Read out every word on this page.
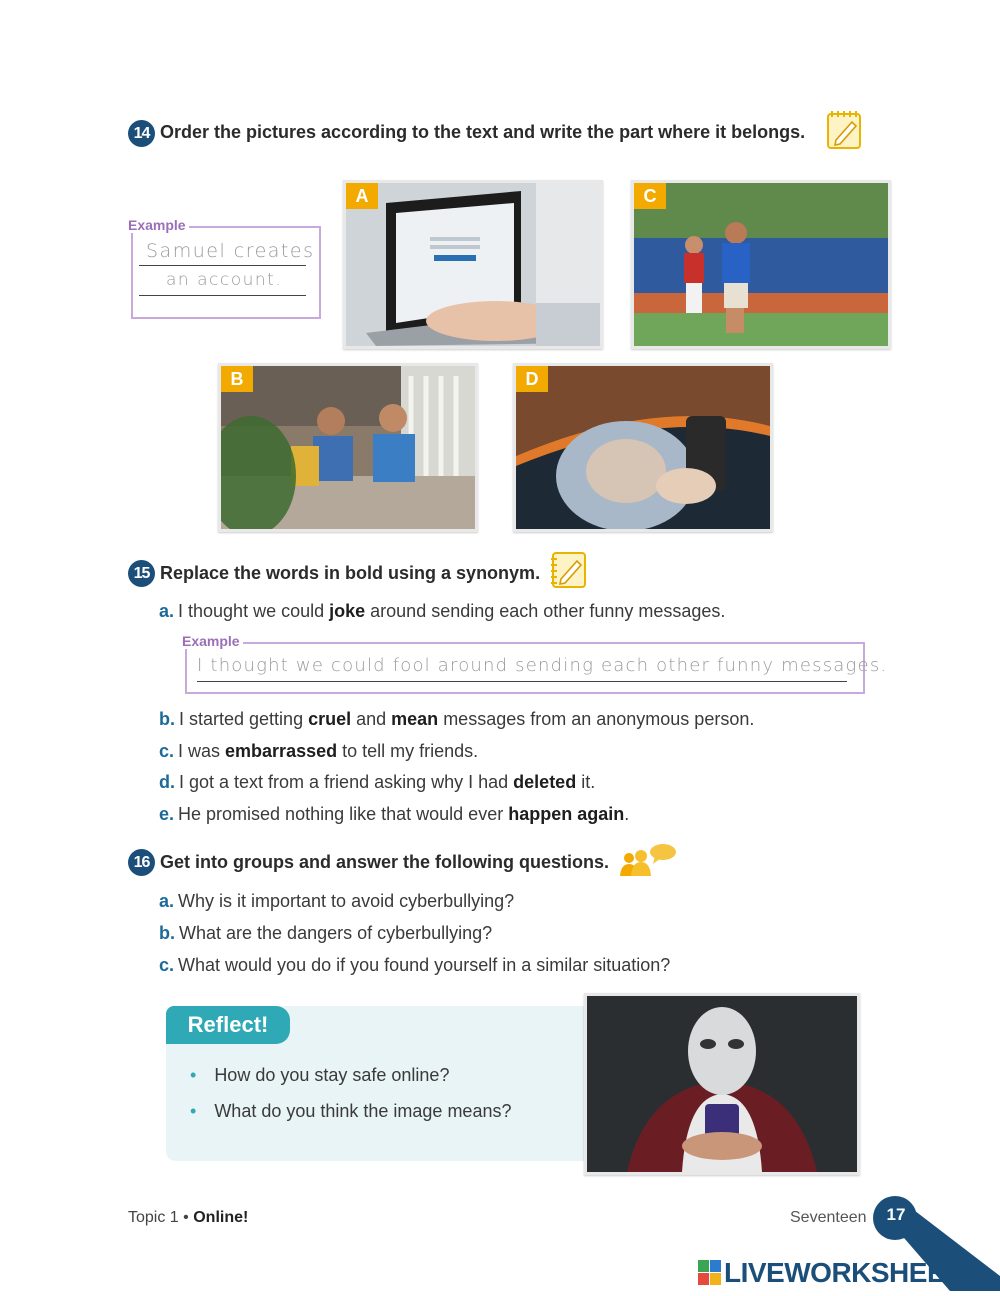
14 Order the pictures according to the text and write the part where it belongs.
Example
Samuel creates
an account.
A	C
B	D
15 Replace the words in bold using a synonym.
a. I thought we could joke around sending each other funny messages.
Example
I thought we could fool around sending each other funny messages.
b. I started getting cruel and mean messages from an anonymous person.
c. I was embarrassed to tell my friends.
d. I got a text from a friend asking why I had deleted it.
e. He promised nothing like that would ever happen again.
16 Get into groups and answer the following questions.
a. Why is it important to avoid cyberbullying?
b. What are the dangers of cyberbullying?
c. What would you do if you found yourself in a similar situation?
Reflect!
• How do you stay safe online?
• What do you think the image means?
Topic 1 • Online!	Seventeen	17
LIVEWORKSHEETS
